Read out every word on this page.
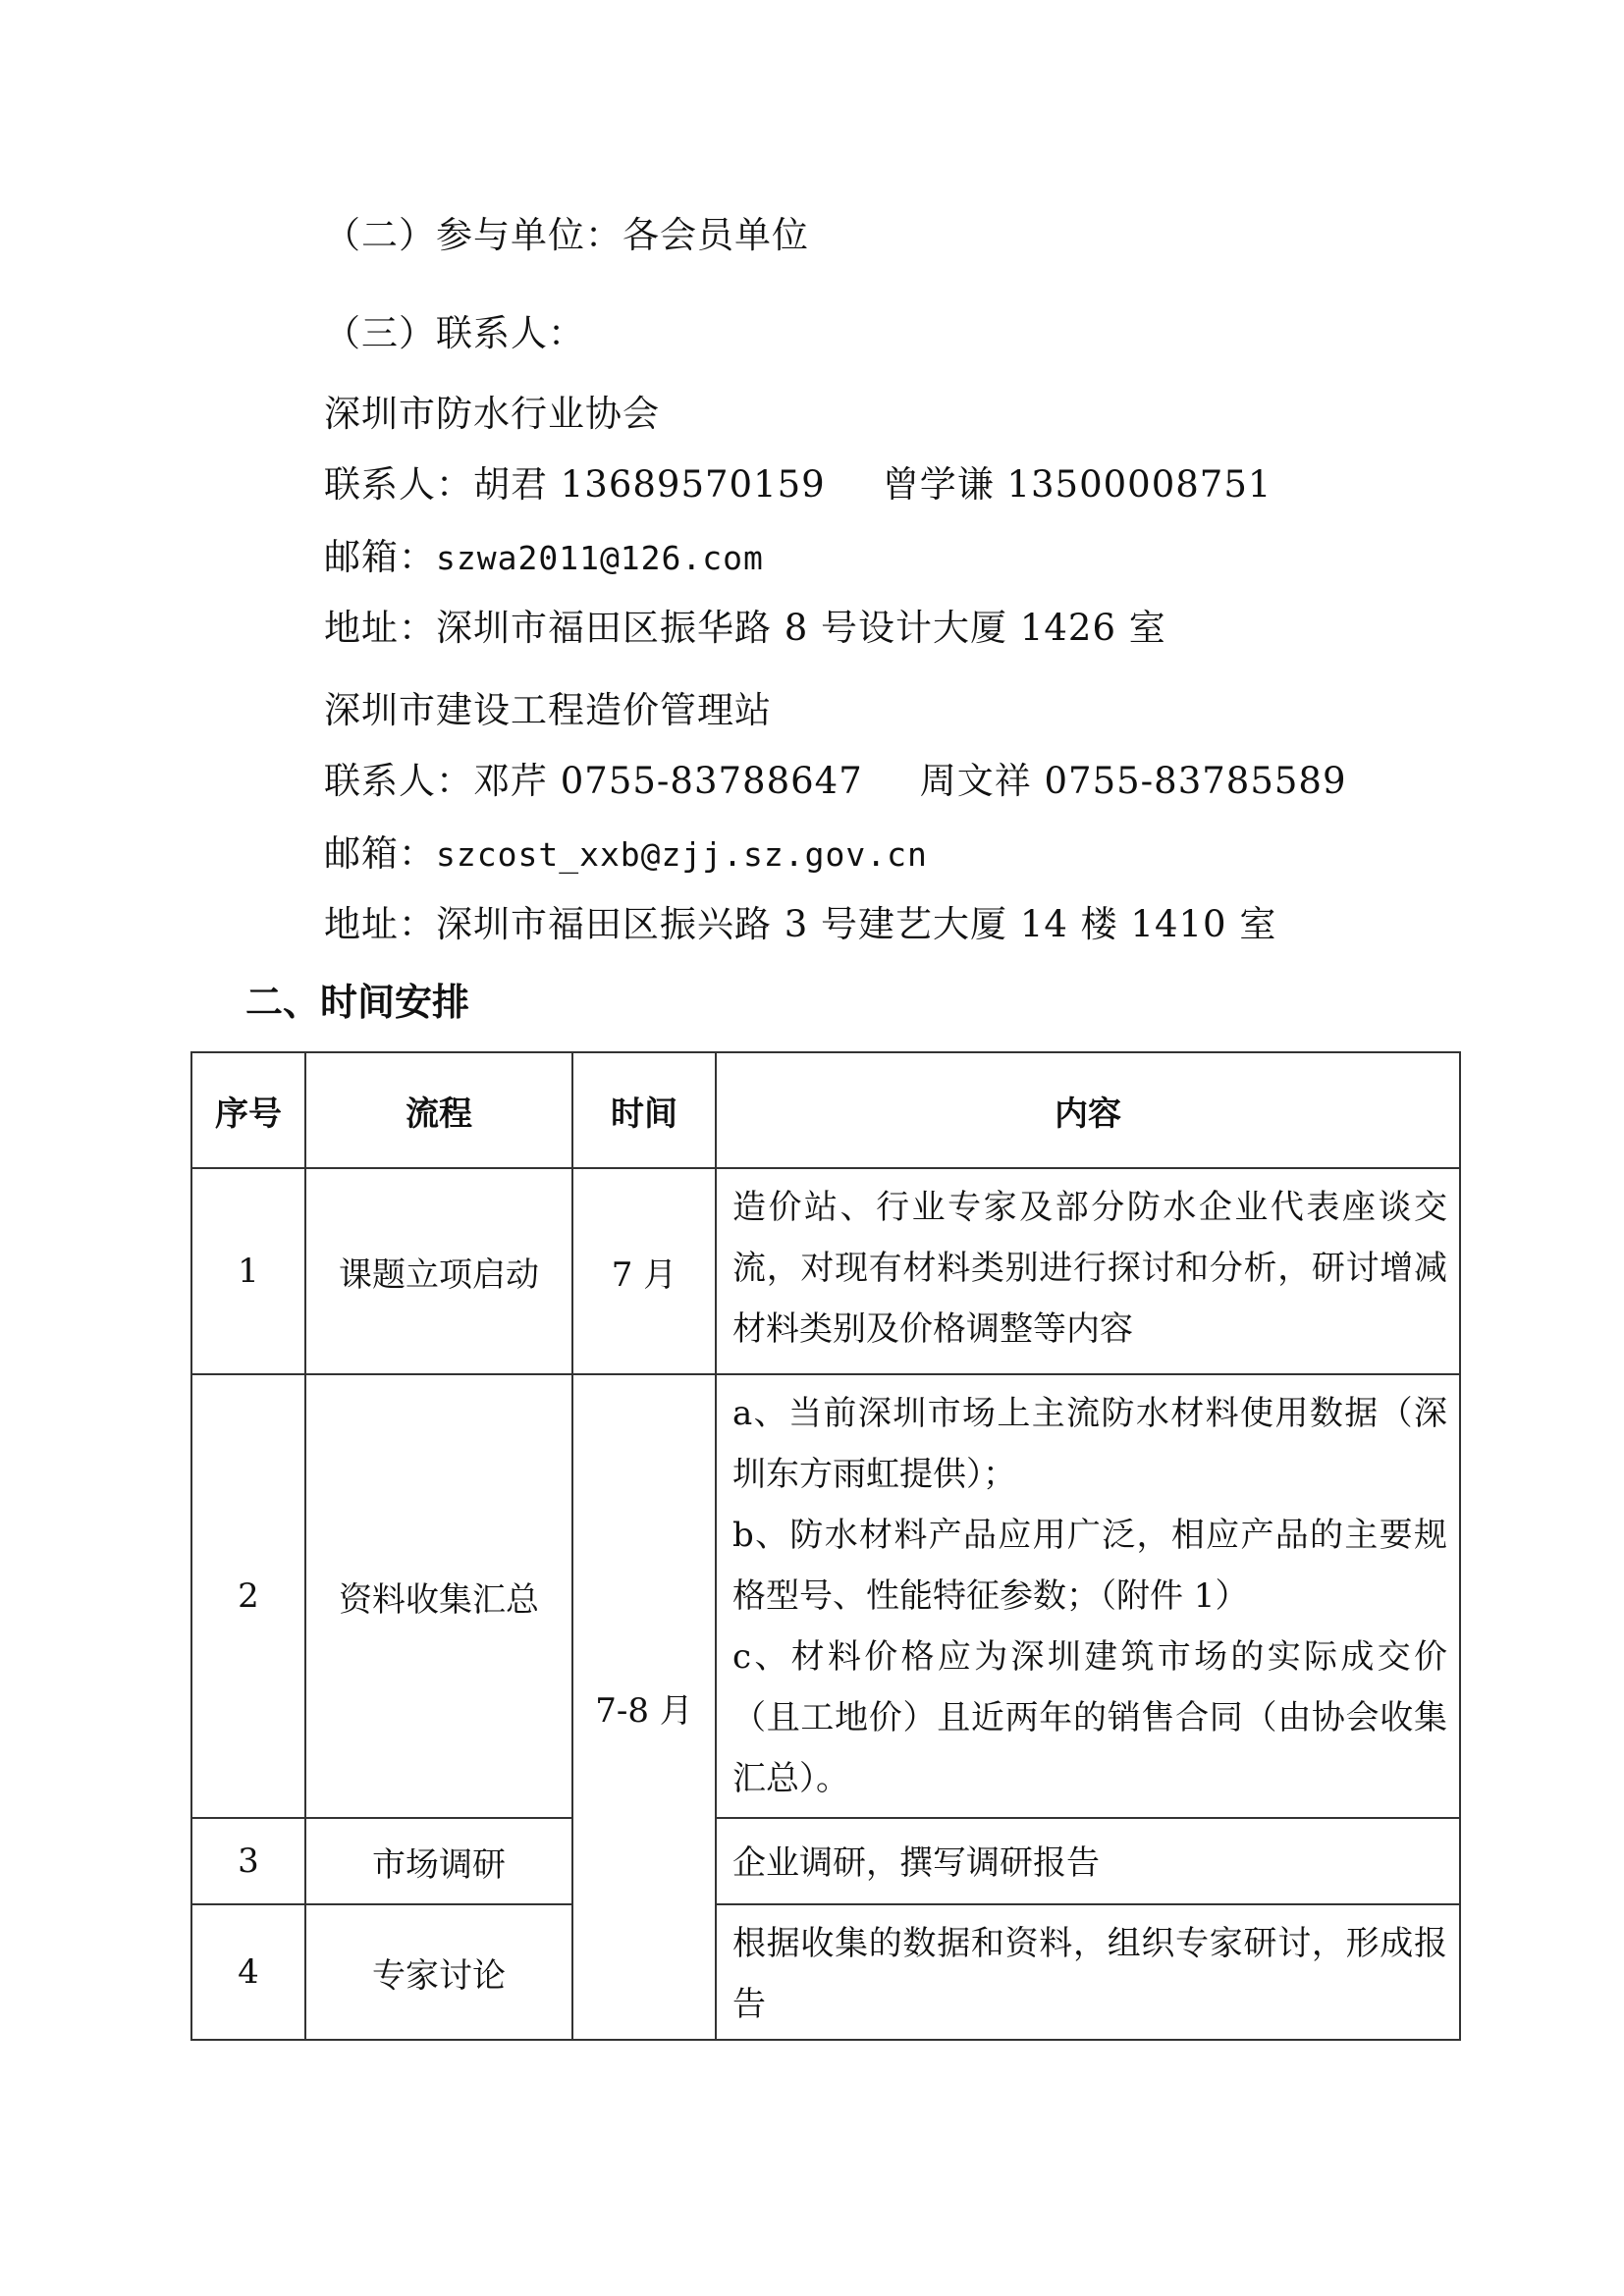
（二）参与单位：各会员单位
（三）联系人：
深圳市防水行业协会
联系人：胡君 13689570159 曾学谦 13500008751
邮箱：szwa2011@126.com
地址：深圳市福田区振华路 8 号设计大厦 1426 室
深圳市建设工程造价管理站
联系人：邓芹 0755-83788647 周文祥 0755-83785589
邮箱：szcost_xxb@zjj.sz.gov.cn
地址：深圳市福田区振兴路 3 号建艺大厦 14 楼 1410 室
二、时间安排
序号	流程	时间	内容
1	课题立项启动	7 月	造价站、行业专家及部分防水企业代表座谈交流，对现有材料类别进行探讨和分析，研讨增减材料类别及价格调整等内容

2	资料收集汇总	7-8 月	a、当前深圳市场上主流防水材料使用数据（深圳东方雨虹提供）；
b、防水材料产品应用广泛，相应产品的主要规格型号、性能特征参数；（附件 1）
c、材料价格应为深圳建筑市场的实际成交价（且工地价）且近两年的销售合同（由协会收集汇总）。

3	市场调研		企业调研，撰写调研报告

4	专家讨论		根据收集的数据和资料，组织专家研讨，形成报告
